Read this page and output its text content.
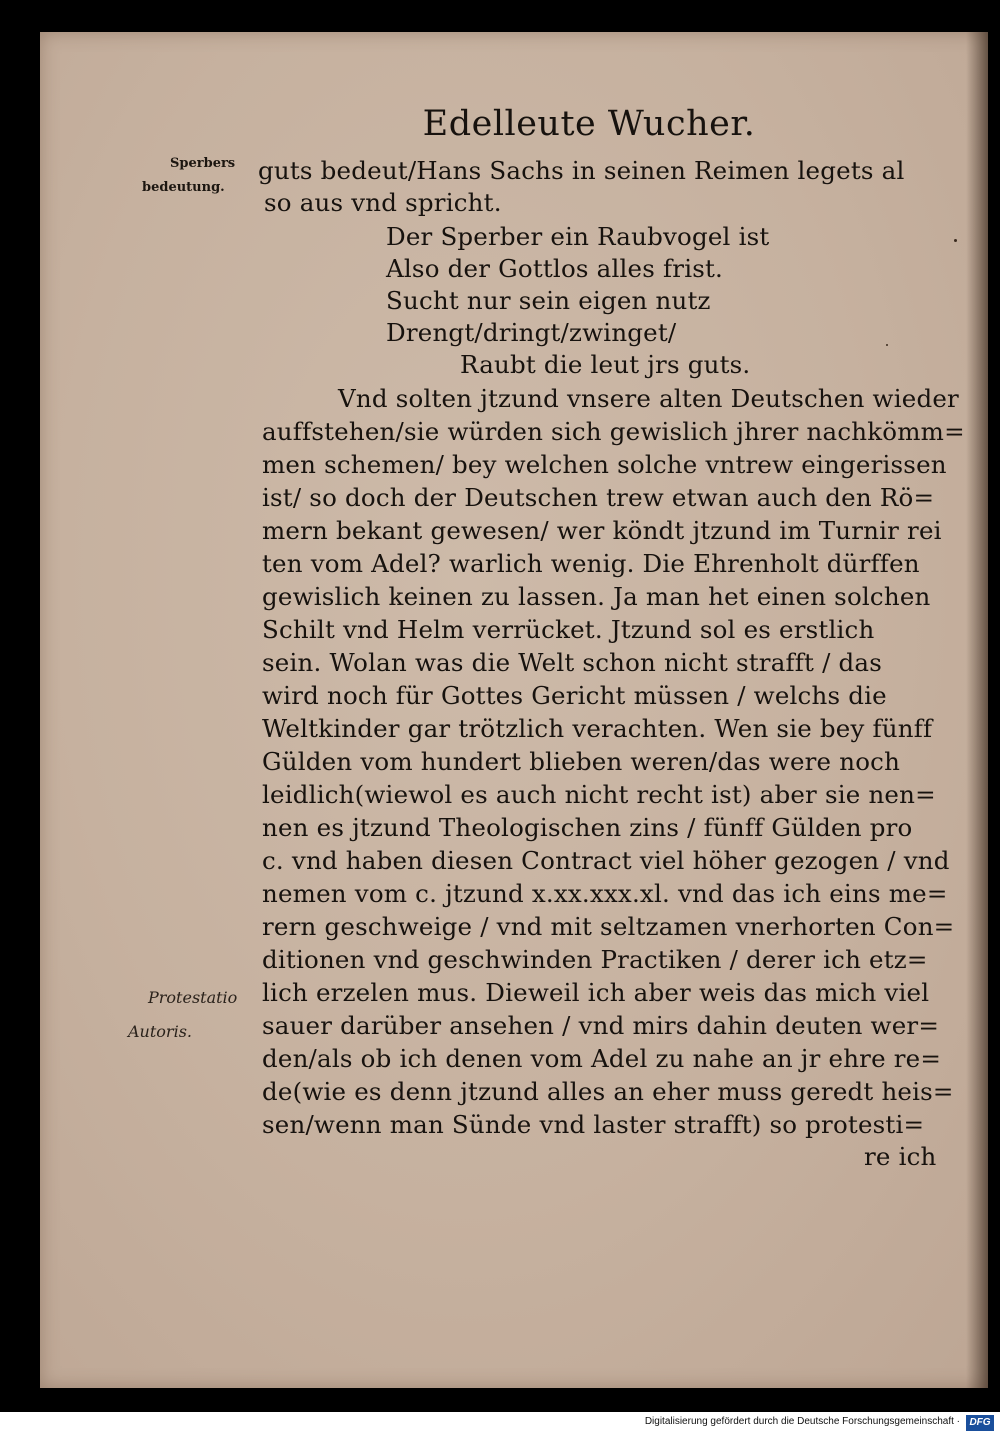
Edelleute Wucher.
Sperbers
bedeutung.
Protestatio
Autoris.
guts bedeut/Hans Sachs in seinen Reimen legets al
so aus vnd spricht.
Der Sperber ein Raubvogel ist
Also der Gottlos alles frist.
Sucht nur sein eigen nutz
Drengt/dringt/zwinget/
Raubt die leut jrs guts.
Vnd solten jtzund vnsere alten Deutschen wieder
auffstehen/sie würden sich gewislich jhrer nachkömm=
men schemen/ bey welchen solche vntrew eingerissen
ist/ so doch der Deutschen trew etwan auch den Rö=
mern bekant gewesen/ wer köndt jtzund im Turnir rei
ten vom Adel? warlich wenig. Die Ehrenholt dürffen
gewislich keinen zu lassen. Ja man het einen solchen
Schilt vnd Helm verrücket. Jtzund sol es erstlich
sein. Wolan was die Welt schon nicht strafft / das
wird noch für Gottes Gericht müssen / welchs die
Weltkinder gar trötzlich verachten. Wen sie bey fünff
Gülden vom hundert blieben weren/das were noch
leidlich(wiewol es auch nicht recht ist) aber sie nen=
nen es jtzund Theologischen zins / fünff Gülden pro
c. vnd haben diesen Contract viel höher gezogen / vnd
nemen vom c. jtzund x.xx.xxx.xl. vnd das ich eins me=
rern geschweige / vnd mit seltzamen vnerhorten Con=
ditionen vnd geschwinden Practiken / derer ich etz=
lich erzelen mus. Dieweil ich aber weis das mich viel
sauer darüber ansehen / vnd mirs dahin deuten wer=
den/als ob ich denen vom Adel zu nahe an jr ehre re=
de(wie es denn jtzund alles an eher muss geredt heis=
sen/wenn man Sünde vnd laster strafft) so protesti=
re ich
Digitalisierung gefördert durch die Deutsche Forschungsgemeinschaft · DFG
